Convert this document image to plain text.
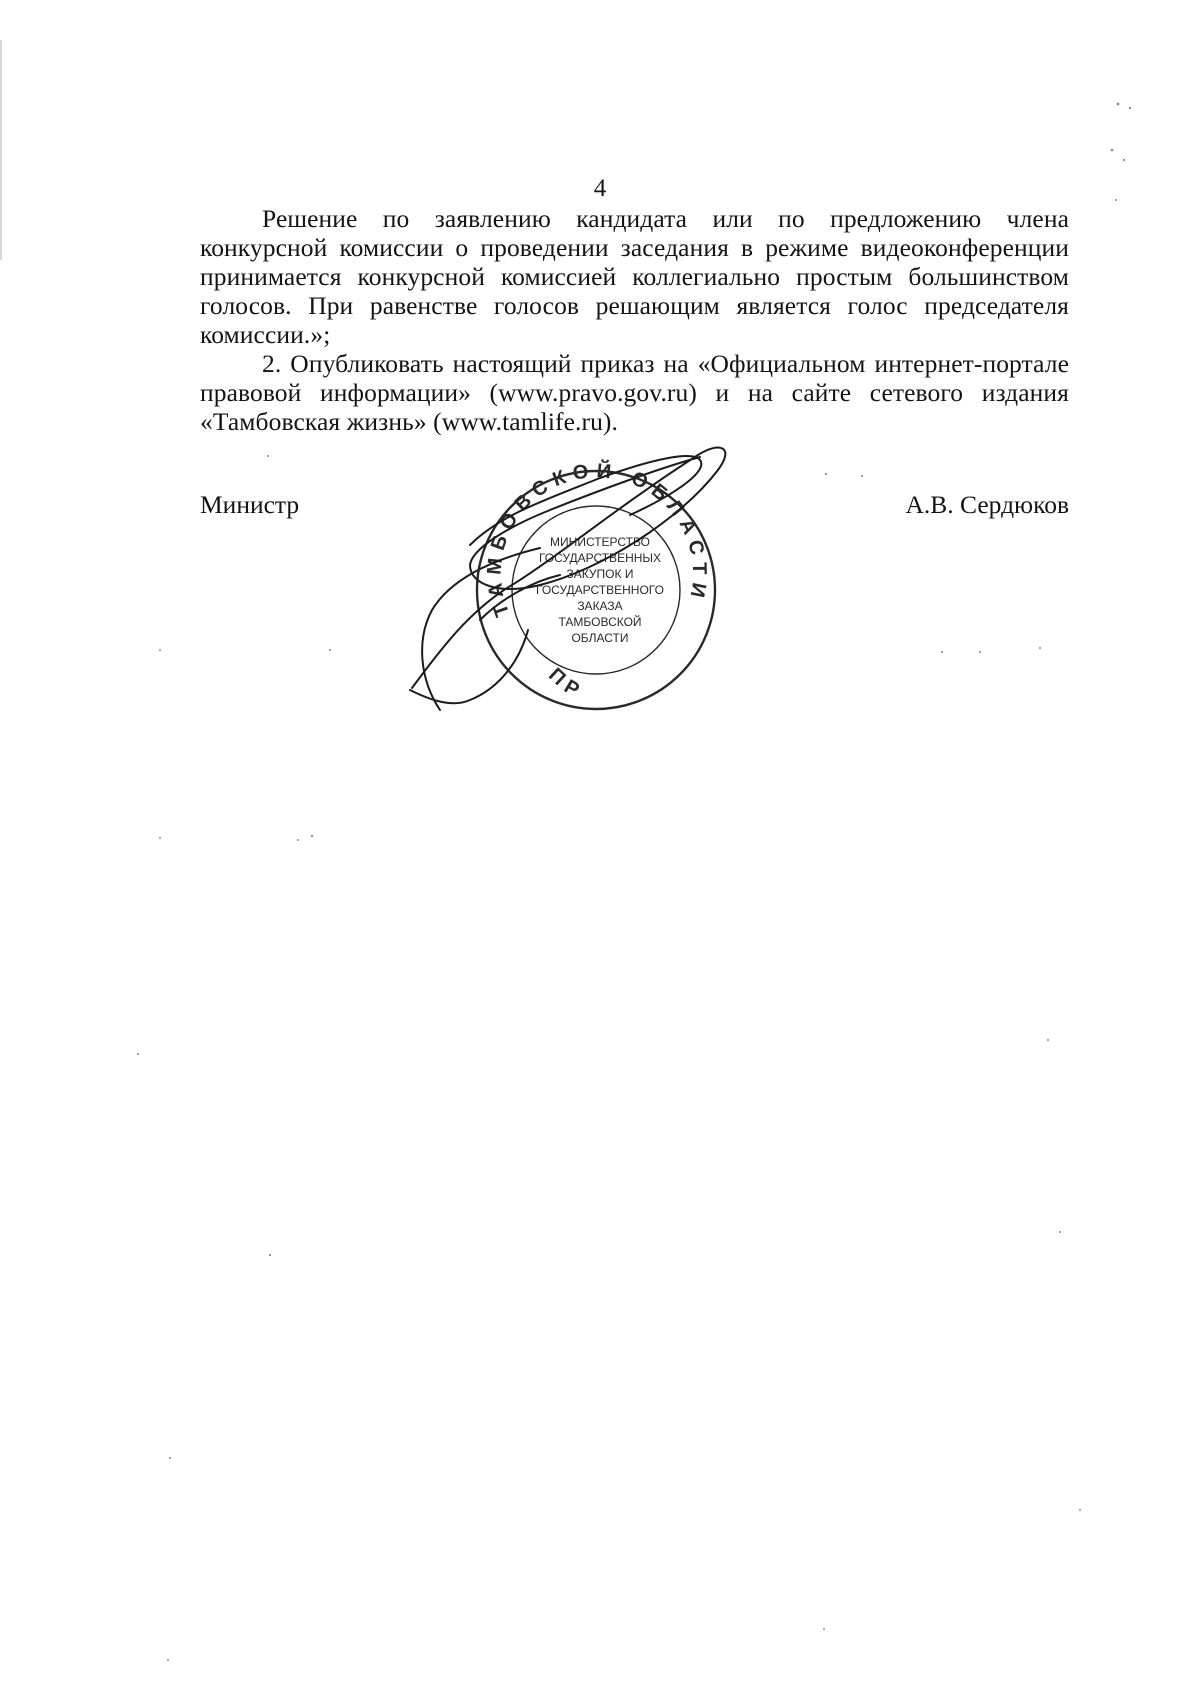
4

Решение по заявлению кандидата или по предложению члена конкурсной комиссии о проведении заседания в режиме видеоконференции принимается конкурсной комиссией коллегиально простым большинством голосов. При равенстве голосов решающим является голос председателя комиссии.»;

2. Опубликовать настоящий приказ на «Официальном интернет-портале правовой информации» (www.pravo.gov.ru) и на сайте сетевого издания «Тамбовская жизнь» (www.tamlife.ru).

Министр	А.В. Сердюков
ТАМБОВСКОЙ ОБЛАСТИ
ПР
МИНИСТЕРСТВО
ГОСУДАРСТВЕННЫХ
ЗАКУПОК И
ГОСУДАРСТВЕННОГО
ЗАКАЗА
ТАМБОВСКОЙ
ОБЛАСТИ
